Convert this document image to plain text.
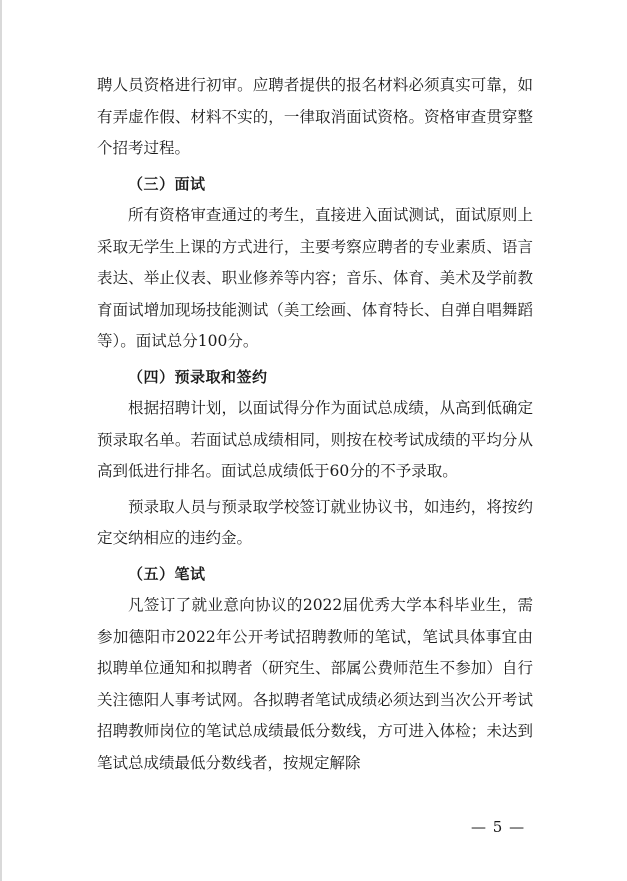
聘人员资格进行初审。应聘者提供的报名材料必须真实可靠，如有弄虚作假、材料不实的，一律取消面试资格。资格审查贯穿整个招考过程。

（三）面试

所有资格审查通过的考生，直接进入面试测试，面试原则上采取无学生上课的方式进行，主要考察应聘者的专业素质、语言表达、举止仪表、职业修养等内容；音乐、体育、美术及学前教育面试增加现场技能测试（美工绘画、体育特长、自弹自唱舞蹈等）。面试总分100分。

（四）预录取和签约

根据招聘计划，以面试得分作为面试总成绩，从高到低确定预录取名单。若面试总成绩相同，则按在校考试成绩的平均分从高到低进行排名。面试总成绩低于60分的不予录取。

预录取人员与预录取学校签订就业协议书，如违约，将按约定交纳相应的违约金。

（五）笔试

凡签订了就业意向协议的2022届优秀大学本科毕业生，需参加德阳市2022年公开考试招聘教师的笔试，笔试具体事宜由拟聘单位通知和拟聘者（研究生、部属公费师范生不参加）自行关注德阳人事考试网。各拟聘者笔试成绩必须达到当次公开考试招聘教师岗位的笔试总成绩最低分数线，方可进入体检；未达到笔试总成绩最低分数线者，按规定解除

— 5 —
